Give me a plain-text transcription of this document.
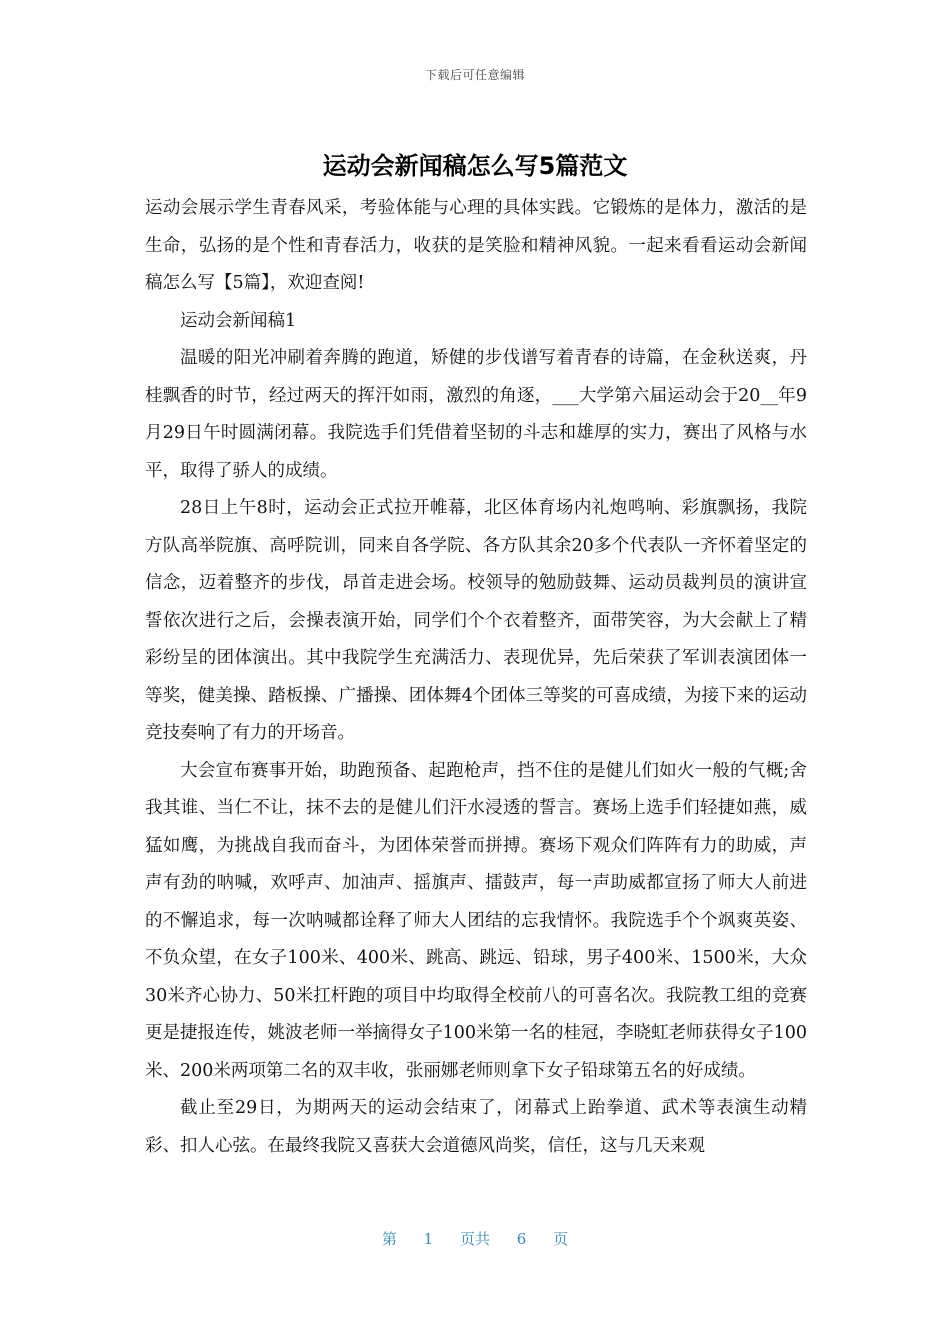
下载后可任意编辑
运动会新闻稿怎么写5篇范文

运动会展示学生青春风采，考验体能与心理的具体实践。它锻炼的是体力，激活的是生命，弘扬的是个性和青春活力，收获的是笑脸和精神风貌。一起来看看运动会新闻稿怎么写【5篇】，欢迎查阅!

运动会新闻稿1

温暖的阳光冲刷着奔腾的跑道，矫健的步伐谱写着青春的诗篇，在金秋送爽，丹桂飘香的时节，经过两天的挥汗如雨，激烈的角逐，___大学第六届运动会于20__年9月29日午时圆满闭幕。我院选手们凭借着坚韧的斗志和雄厚的实力，赛出了风格与水平，取得了骄人的成绩。

28日上午8时，运动会正式拉开帷幕，北区体育场内礼炮鸣响、彩旗飘扬，我院方队高举院旗、高呼院训，同来自各学院、各方队其余20多个代表队一齐怀着坚定的信念，迈着整齐的步伐，昂首走进会场。校领导的勉励鼓舞、运动员裁判员的演讲宣誓依次进行之后，会操表演开始，同学们个个衣着整齐，面带笑容，为大会献上了精彩纷呈的团体演出。其中我院学生充满活力、表现优异，先后荣获了军训表演团体一等奖，健美操、踏板操、广播操、团体舞4个团体三等奖的可喜成绩，为接下来的运动竞技奏响了有力的开场音。

大会宣布赛事开始，助跑预备、起跑枪声，挡不住的是健儿们如火一般的气概;舍我其谁、当仁不让，抹不去的是健儿们汗水浸透的誓言。赛场上选手们轻捷如燕，威猛如鹰，为挑战自我而奋斗，为团体荣誉而拼搏。赛场下观众们阵阵有力的助威，声声有劲的呐喊，欢呼声、加油声、摇旗声、擂鼓声，每一声助威都宣扬了师大人前进的不懈追求，每一次呐喊都诠释了师大人团结的忘我情怀。我院选手个个飒爽英姿、不负众望，在女子100米、400米、跳高、跳远、铅球，男子400米、1500米，大众30米齐心协力、50米扛杆跑的项目中均取得全校前八的可喜名次。我院教工组的竞赛更是捷报连传，姚波老师一举摘得女子100米第一名的桂冠，李晓虹老师获得女子100米、200米两项第二名的双丰收，张丽娜老师则拿下女子铅球第五名的好成绩。

截止至29日，为期两天的运动会结束了，闭幕式上跆拳道、武术等表演生动精彩、扣人心弦。在最终我院又喜获大会道德风尚奖，信任，这与几天来观

第 1 页共 6 页
